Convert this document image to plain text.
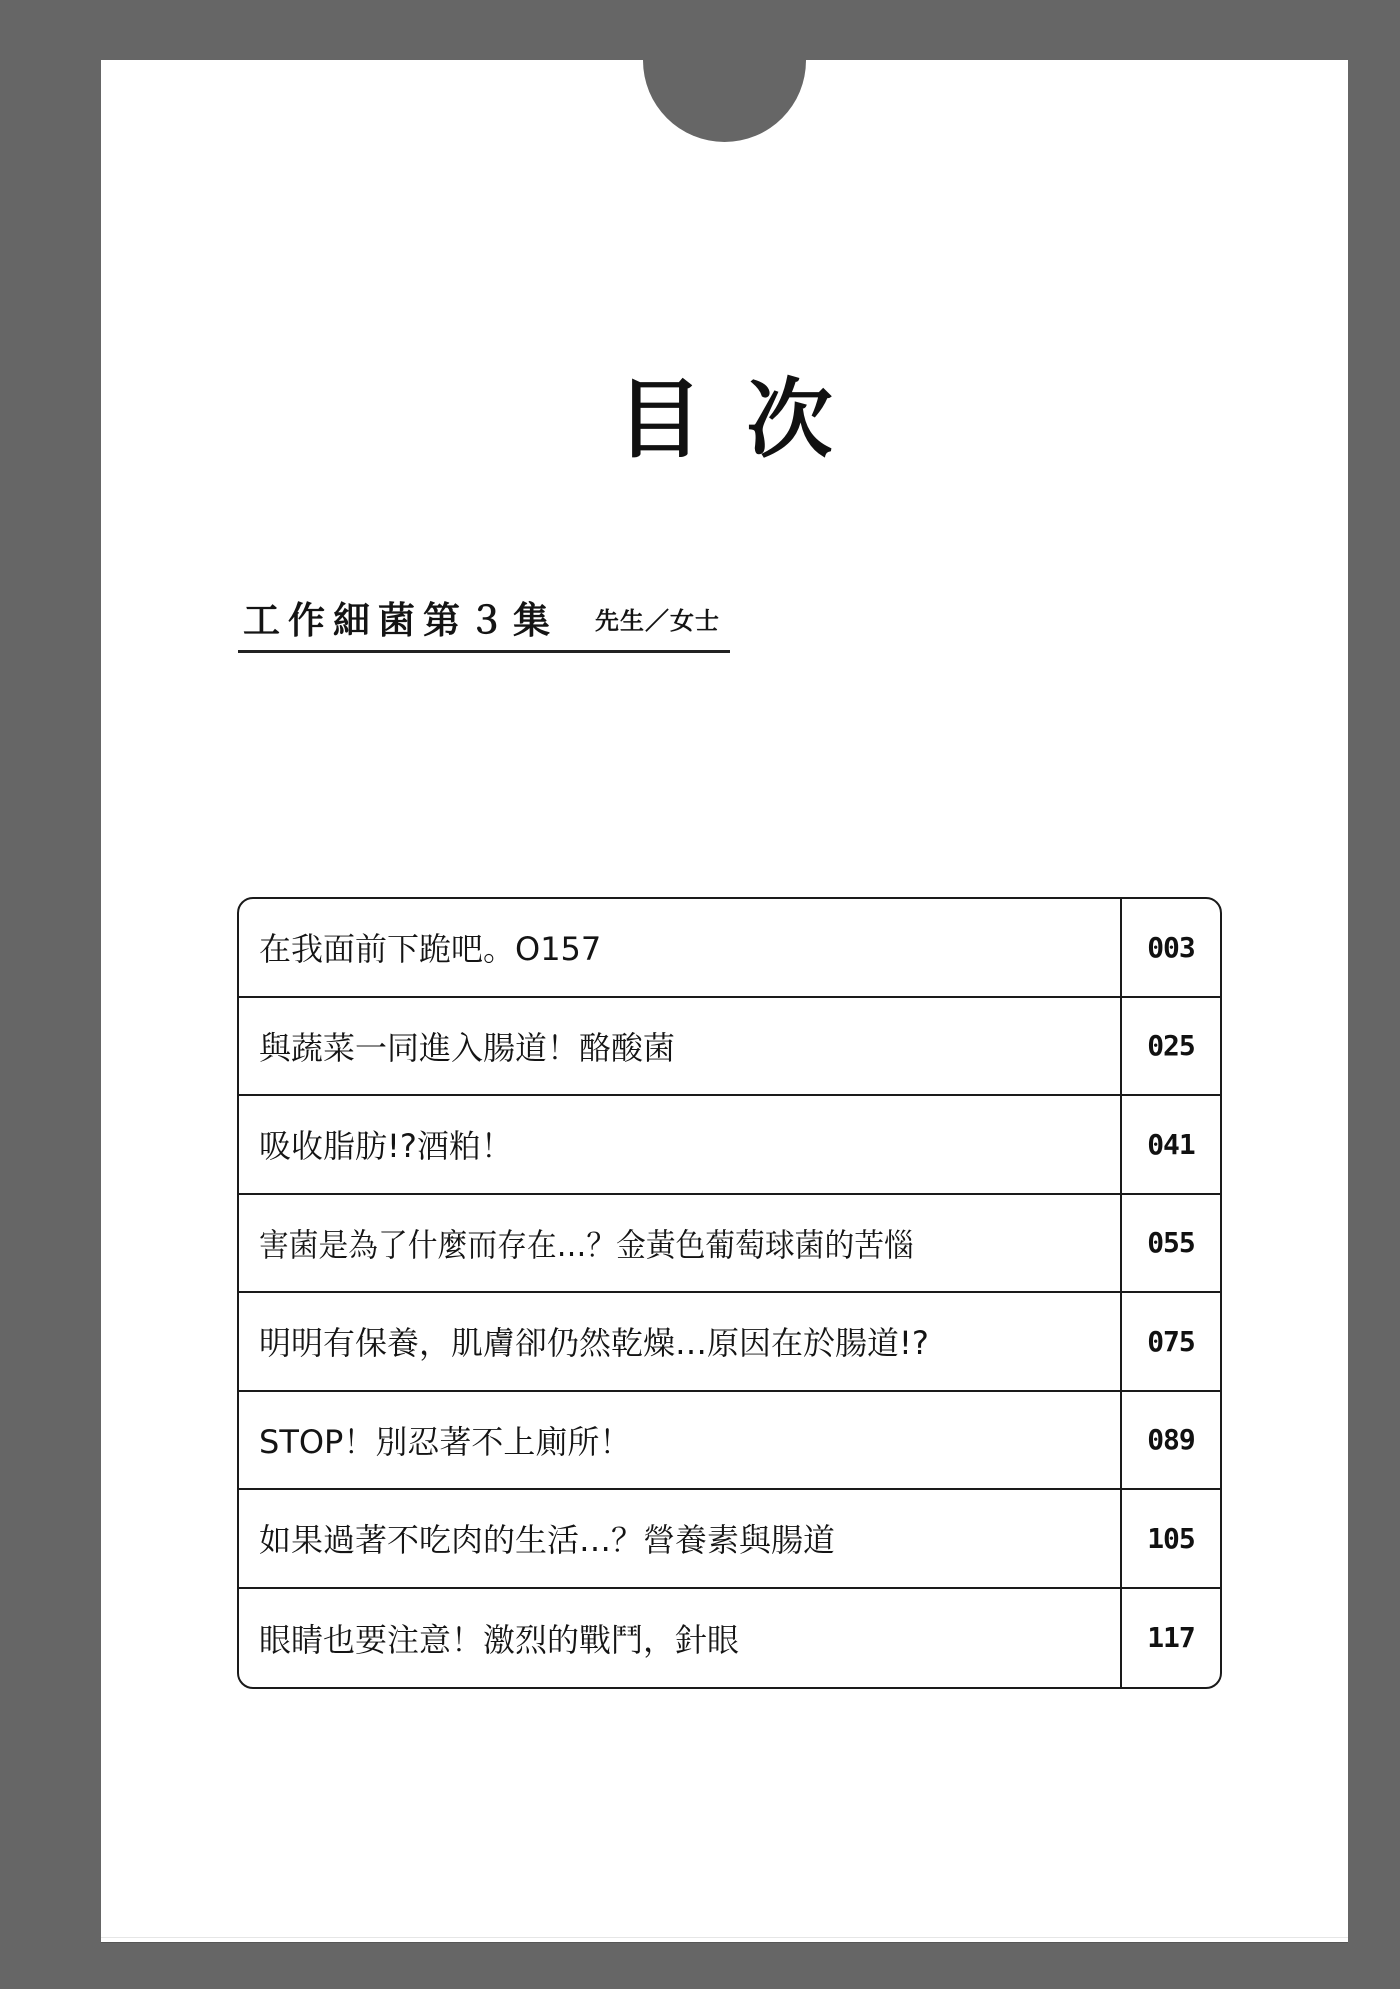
目次
工作細菌第３集 先生／女士
在我面前下跪吧。O157	003
與蔬菜一同進入腸道！酪酸菌	025
吸收脂肪!?酒粕！	041
害菌是為了什麼而存在…？金黃色葡萄球菌的苦惱	055
明明有保養，肌膚卻仍然乾燥…原因在於腸道!?	075
STOP！別忍著不上廁所！	089
如果過著不吃肉的生活…？營養素與腸道	105
眼睛也要注意！激烈的戰鬥，針眼	117
